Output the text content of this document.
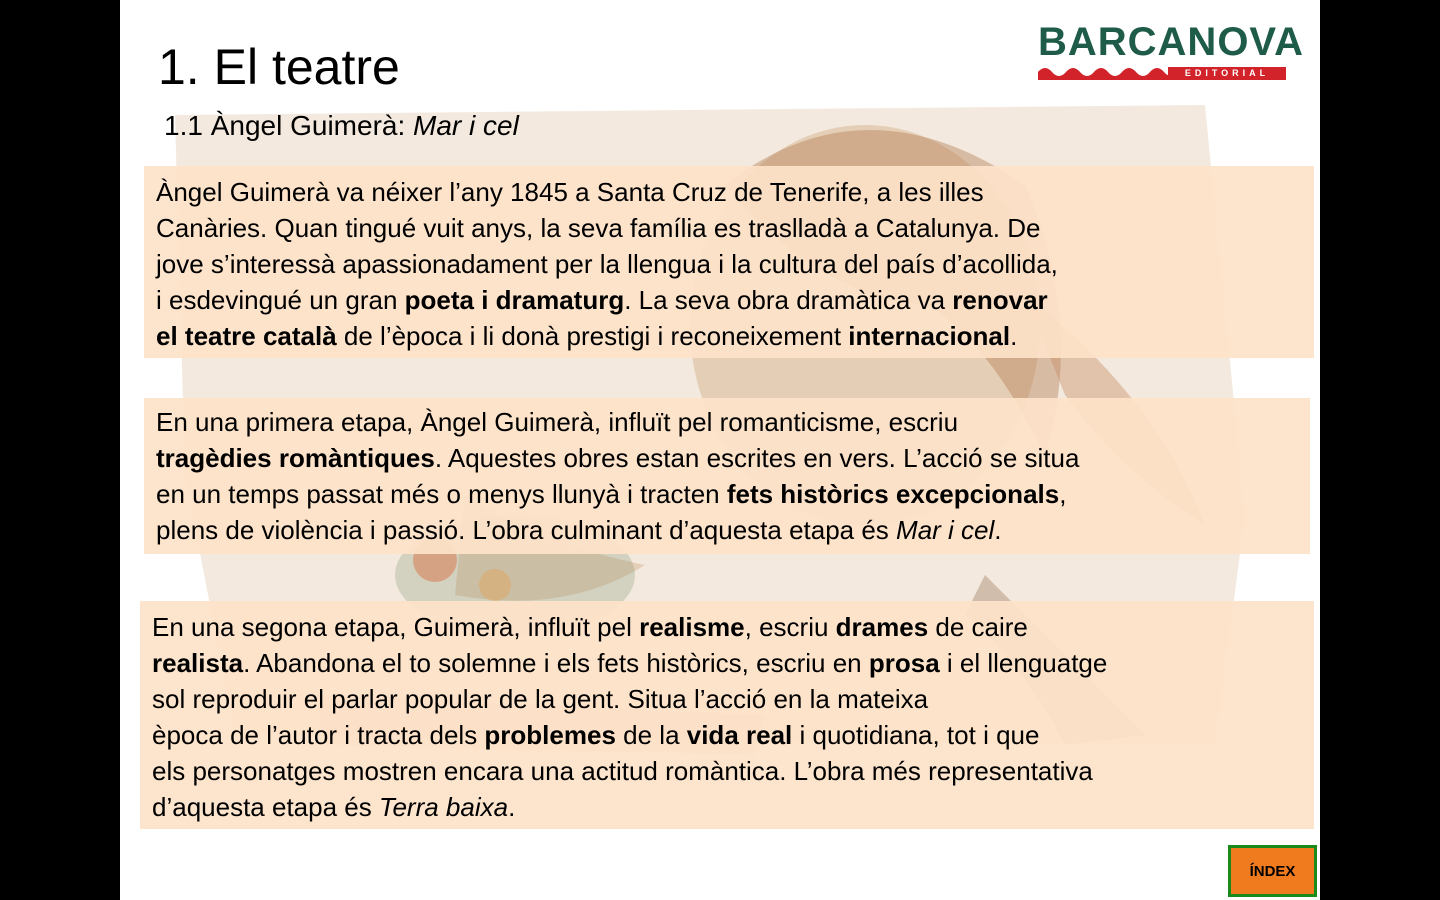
1. El teatre
1.1 Àngel Guimerà: Mar i cel
BARCANOVA
EDITORIAL

Àngel Guimerà va néixer l’any 1845 a Santa Cruz de Tenerife, a les illes
Canàries. Quan tingué vuit anys, la seva família es traslladà a Catalunya. De
jove s’interessà apassionadament per la llengua i la cultura del país d’acollida,
i esdevingué un gran poeta i dramaturg. La seva obra dramàtica va renovar
el teatre català de l’època i li donà prestigi i reconeixement internacional.

En una primera etapa, Àngel Guimerà, influït pel romanticisme, escriu
tragèdies romàntiques. Aquestes obres estan escrites en vers. L’acció se situa
en un temps passat més o menys llunyà i tracten fets històrics excepcionals,
plens de violència i passió. L’obra culminant d’aquesta etapa és Mar i cel.

En una segona etapa, Guimerà, influït pel realisme, escriu drames de caire
realista. Abandona el to solemne i els fets històrics, escriu en prosa i el llenguatge
sol reproduir el parlar popular de la gent. Situa l’acció en la mateixa
època de l’autor i tracta dels problemes de la vida real i quotidiana, tot i que
els personatges mostren encara una actitud romàntica. L’obra més representativa
d’aquesta etapa és Terra baixa.

ÍNDEX
